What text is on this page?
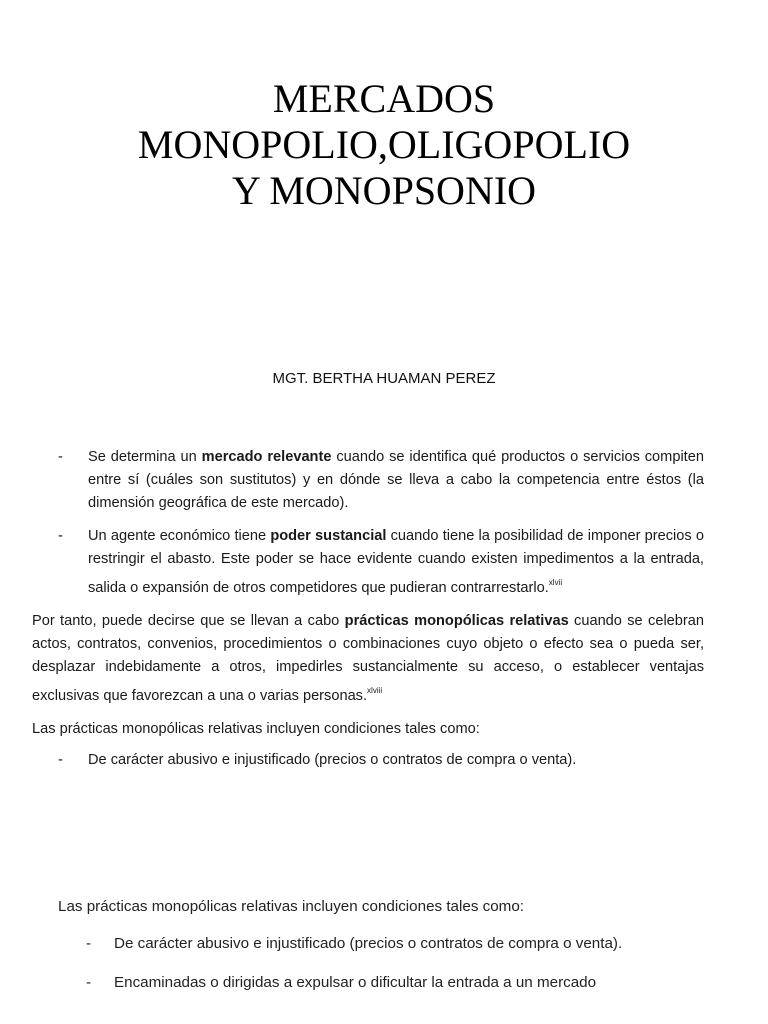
MERCADOS
MONOPOLIO,OLIGOPOLIO
Y MONOPSONIO
MGT. BERTHA HUAMAN PEREZ
- Se determina un mercado relevante cuando se identifica qué productos o servicios compiten entre sí (cuáles son sustitutos) y en dónde se lleva a cabo la competencia entre éstos (la dimensión geográfica de este mercado).
- Un agente económico tiene poder sustancial cuando tiene la posibilidad de imponer precios o restringir el abasto. Este poder se hace evidente cuando existen impedimentos a la entrada, salida o expansión de otros competidores que pudieran contrarrestarlo.$^{xlvii}$
Por tanto, puede decirse que se llevan a cabo prácticas monopólicas relativas cuando se celebran actos, contratos, convenios, procedimientos o combinaciones cuyo objeto o efecto sea o pueda ser, desplazar indebidamente a otros, impedirles sustancialmente su acceso, o establecer ventajas exclusivas que favorezcan a una o varias personas.$^{xlviii}$
Las prácticas monopólicas relativas incluyen condiciones tales como:
- De carácter abusivo e injustificado (precios o contratos de compra o venta).
Las prácticas monopólicas relativas incluyen condiciones tales como:
- De carácter abusivo e injustificado (precios o contratos de compra o venta).
- Encaminadas o dirigidas a expulsar o dificultar la entrada a un mercado
